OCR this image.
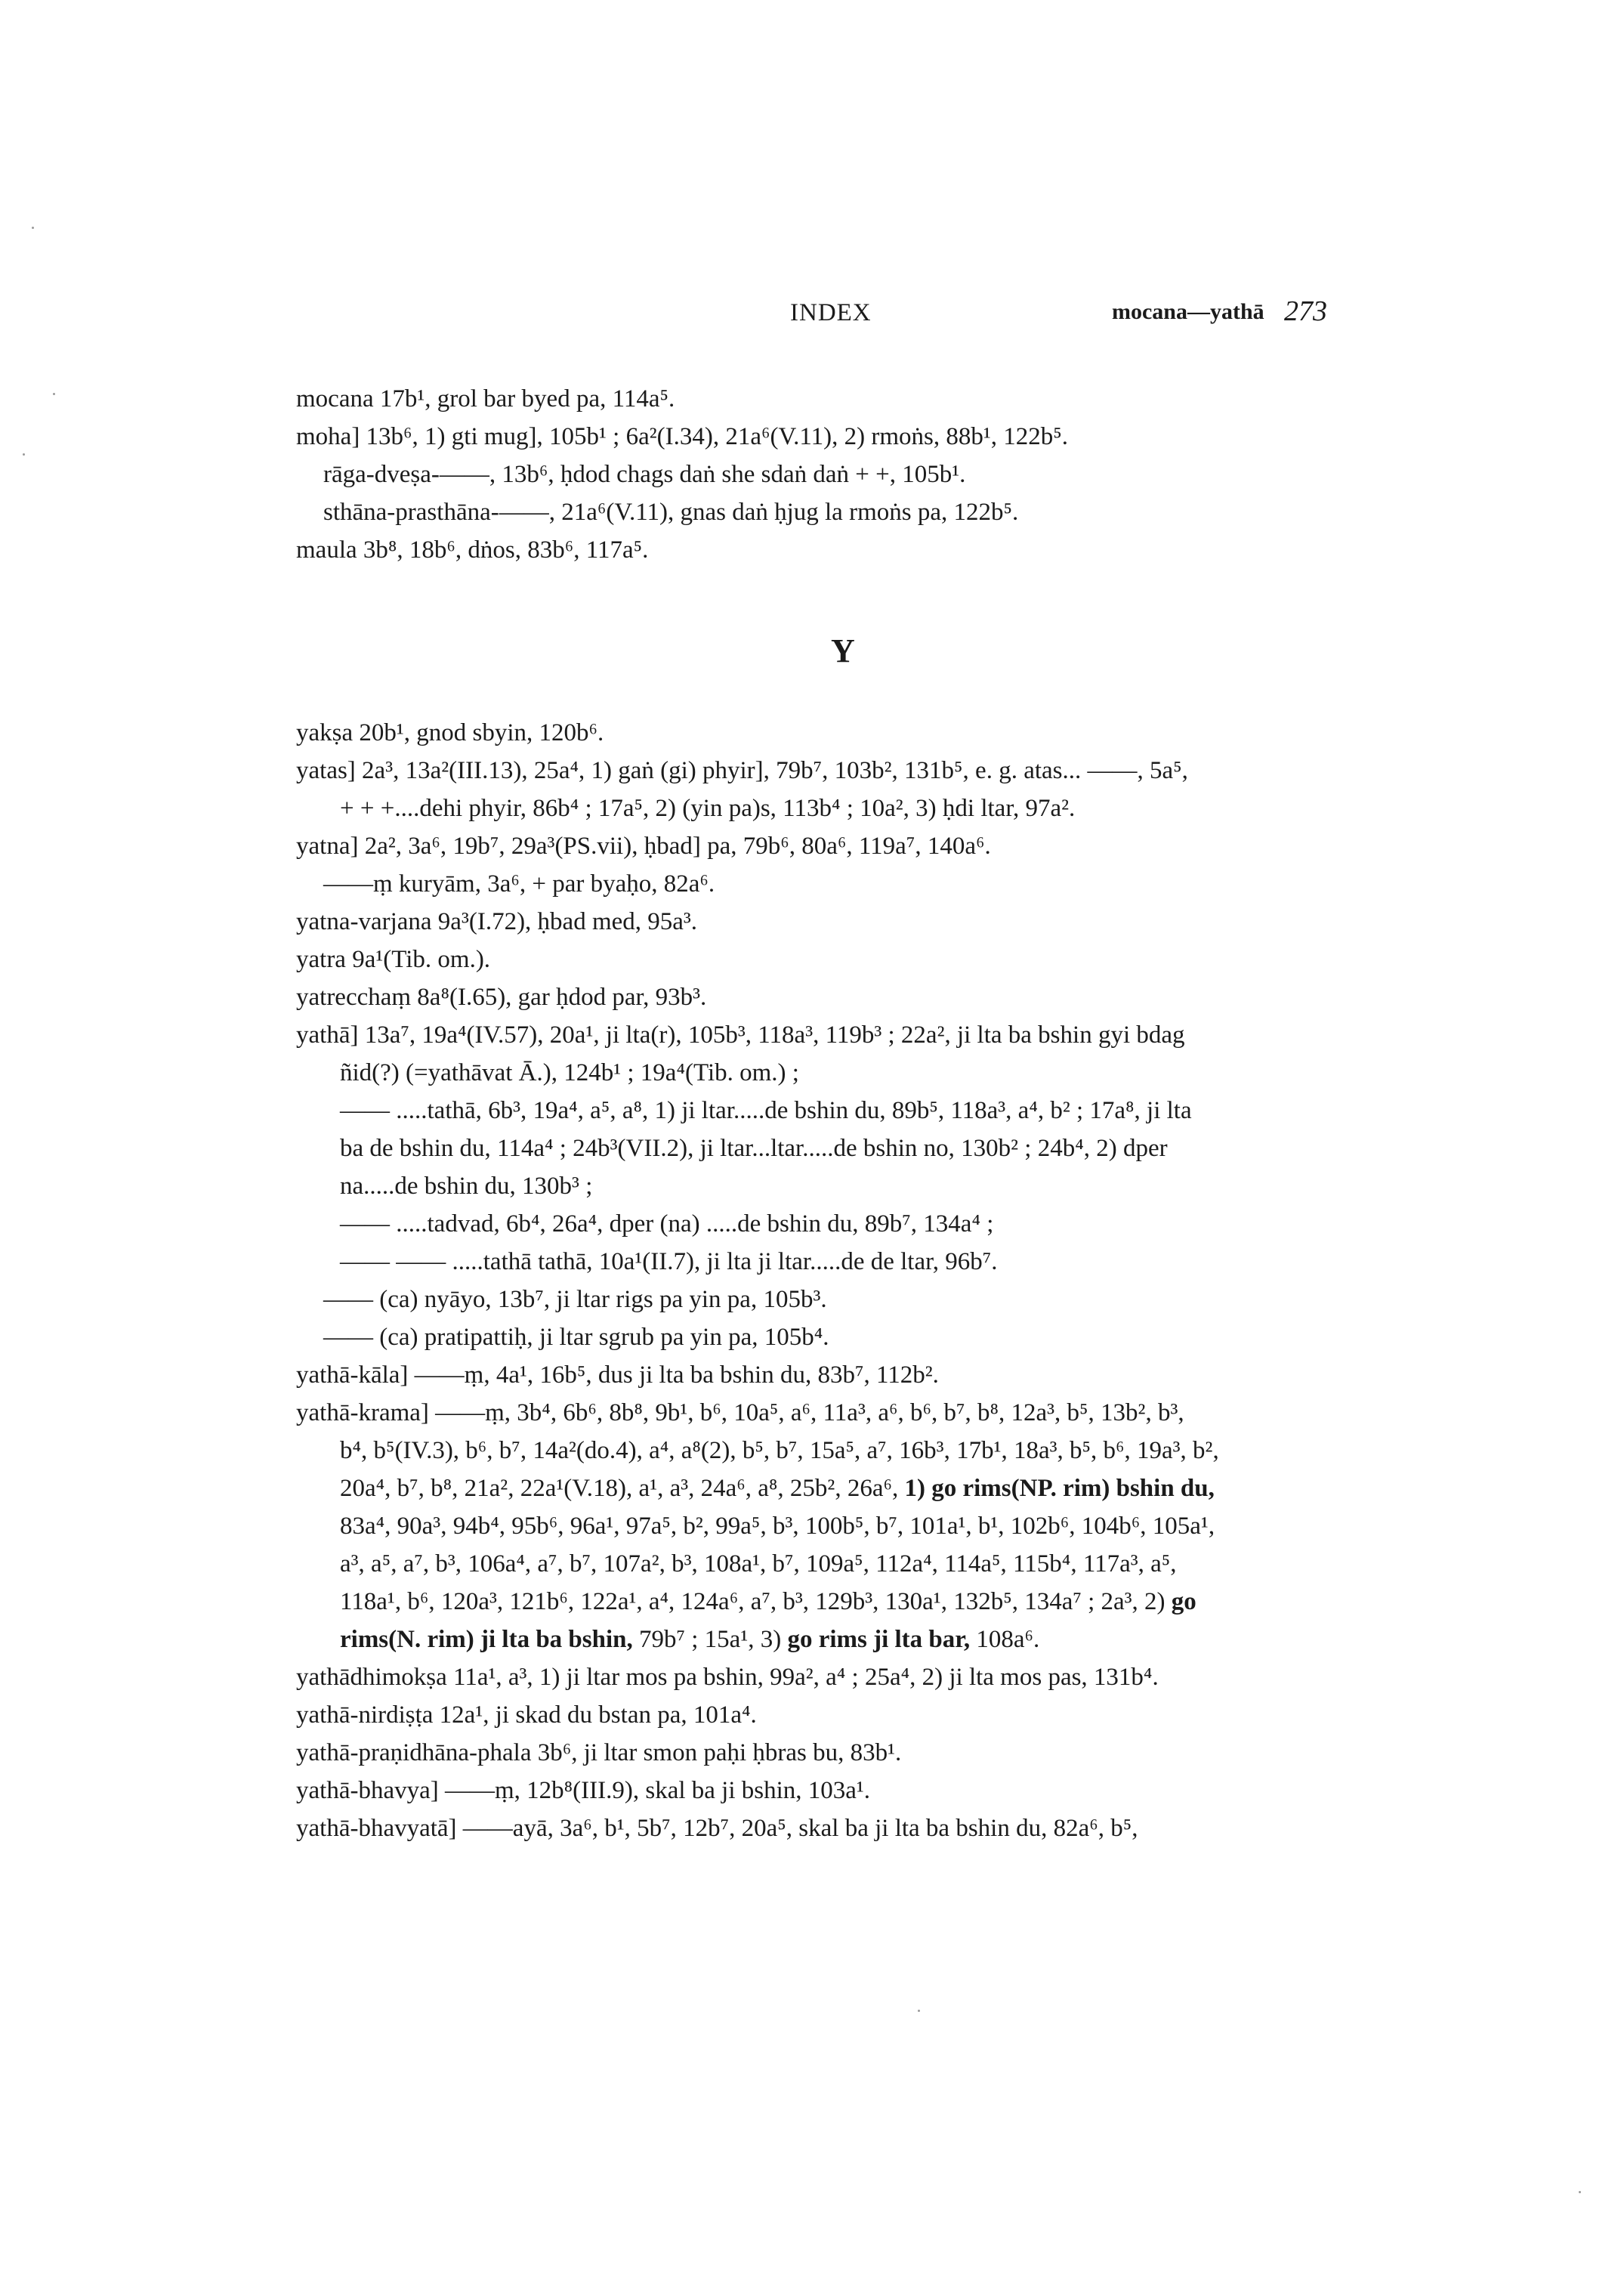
INDEX	mocana—yathā 273

mocana 17b¹, grol bar byed pa, 114a⁵.

moha] 13b⁶, 1) gti mug], 105b¹ ; 6a²(I.34), 21a⁶(V.11), 2) rmoṅs, 88b¹, 122b⁵.

rāga-dveṣa-——, 13b⁶, ḥdod chags daṅ she sdaṅ daṅ + +, 105b¹.

sthāna-prasthāna-——, 21a⁶(V.11), gnas daṅ ḥjug la rmoṅs pa, 122b⁵.

maula 3b⁸, 18b⁶, dṅos, 83b⁶, 117a⁵.

Y

yakṣa 20b¹, gnod sbyin, 120b⁶.

yatas] 2a³, 13a²(III.13), 25a⁴, 1) gaṅ (gi) phyir], 79b⁷, 103b², 131b⁵, e. g. atas... ——, 5a⁵,

+ + +....dehi phyir, 86b⁴ ; 17a⁵, 2) (yin pa)s, 113b⁴ ; 10a², 3) ḥdi ltar, 97a².

yatna] 2a², 3a⁶, 19b⁷, 29a³(PS.vii), ḥbad] pa, 79b⁶, 80a⁶, 119a⁷, 140a⁶.

——ṃ kuryām, 3a⁶, + par byaḥo, 82a⁶.

yatna-varjana 9a³(I.72), ḥbad med, 95a³.

yatra 9a¹(Tib. om.).

yatrecchaṃ 8a⁸(I.65), gar ḥdod par, 93b³.

yathā] 13a⁷, 19a⁴(IV.57), 20a¹, ji lta(r), 105b³, 118a³, 119b³ ; 22a², ji lta ba bshin gyi bdag

ñid(?) (=yathāvat Ā.), 124b¹ ; 19a⁴(Tib. om.) ;

—— .....tathā, 6b³, 19a⁴, a⁵, a⁸, 1) ji ltar.....de bshin du, 89b⁵, 118a³, a⁴, b² ; 17a⁸, ji lta

ba de bshin du, 114a⁴ ; 24b³(VII.2), ji ltar...ltar.....de bshin no, 130b² ; 24b⁴, 2) dper

na.....de bshin du, 130b³ ;

—— .....tadvad, 6b⁴, 26a⁴, dper (na) .....de bshin du, 89b⁷, 134a⁴ ;

—— —— .....tathā tathā, 10a¹(II.7), ji lta ji ltar.....de de ltar, 96b⁷.

—— (ca) nyāyo, 13b⁷, ji ltar rigs pa yin pa, 105b³.

—— (ca) pratipattiḥ, ji ltar sgrub pa yin pa, 105b⁴.

yathā-kāla] ——ṃ, 4a¹, 16b⁵, dus ji lta ba bshin du, 83b⁷, 112b².

yathā-krama] ——ṃ, 3b⁴, 6b⁶, 8b⁸, 9b¹, b⁶, 10a⁵, a⁶, 11a³, a⁶, b⁶, b⁷, b⁸, 12a³, b⁵, 13b², b³,

b⁴, b⁵(IV.3), b⁶, b⁷, 14a²(do.4), a⁴, a⁸(2), b⁵, b⁷, 15a⁵, a⁷, 16b³, 17b¹, 18a³, b⁵, b⁶, 19a³, b²,

20a⁴, b⁷, b⁸, 21a², 22a¹(V.18), a¹, a³, 24a⁶, a⁸, 25b², 26a⁶, 1) go rims(NP. rim) bshin du,

83a⁴, 90a³, 94b⁴, 95b⁶, 96a¹, 97a⁵, b², 99a⁵, b³, 100b⁵, b⁷, 101a¹, b¹, 102b⁶, 104b⁶, 105a¹,

a³, a⁵, a⁷, b³, 106a⁴, a⁷, b⁷, 107a², b³, 108a¹, b⁷, 109a⁵, 112a⁴, 114a⁵, 115b⁴, 117a³, a⁵,

118a¹, b⁶, 120a³, 121b⁶, 122a¹, a⁴, 124a⁶, a⁷, b³, 129b³, 130a¹, 132b⁵, 134a⁷ ; 2a³, 2) go

rims(N. rim) ji lta ba bshin, 79b⁷ ; 15a¹, 3) go rims ji lta bar, 108a⁶.

yathādhimokṣa 11a¹, a³, 1) ji ltar mos pa bshin, 99a², a⁴ ; 25a⁴, 2) ji lta mos pas, 131b⁴.

yathā-nirdiṣṭa 12a¹, ji skad du bstan pa, 101a⁴.

yathā-praṇidhāna-phala 3b⁶, ji ltar smon paḥi ḥbras bu, 83b¹.

yathā-bhavya] ——ṃ, 12b⁸(III.9), skal ba ji bshin, 103a¹.

yathā-bhavyatā] ——ayā, 3a⁶, b¹, 5b⁷, 12b⁷, 20a⁵, skal ba ji lta ba bshin du, 82a⁶, b⁵,
